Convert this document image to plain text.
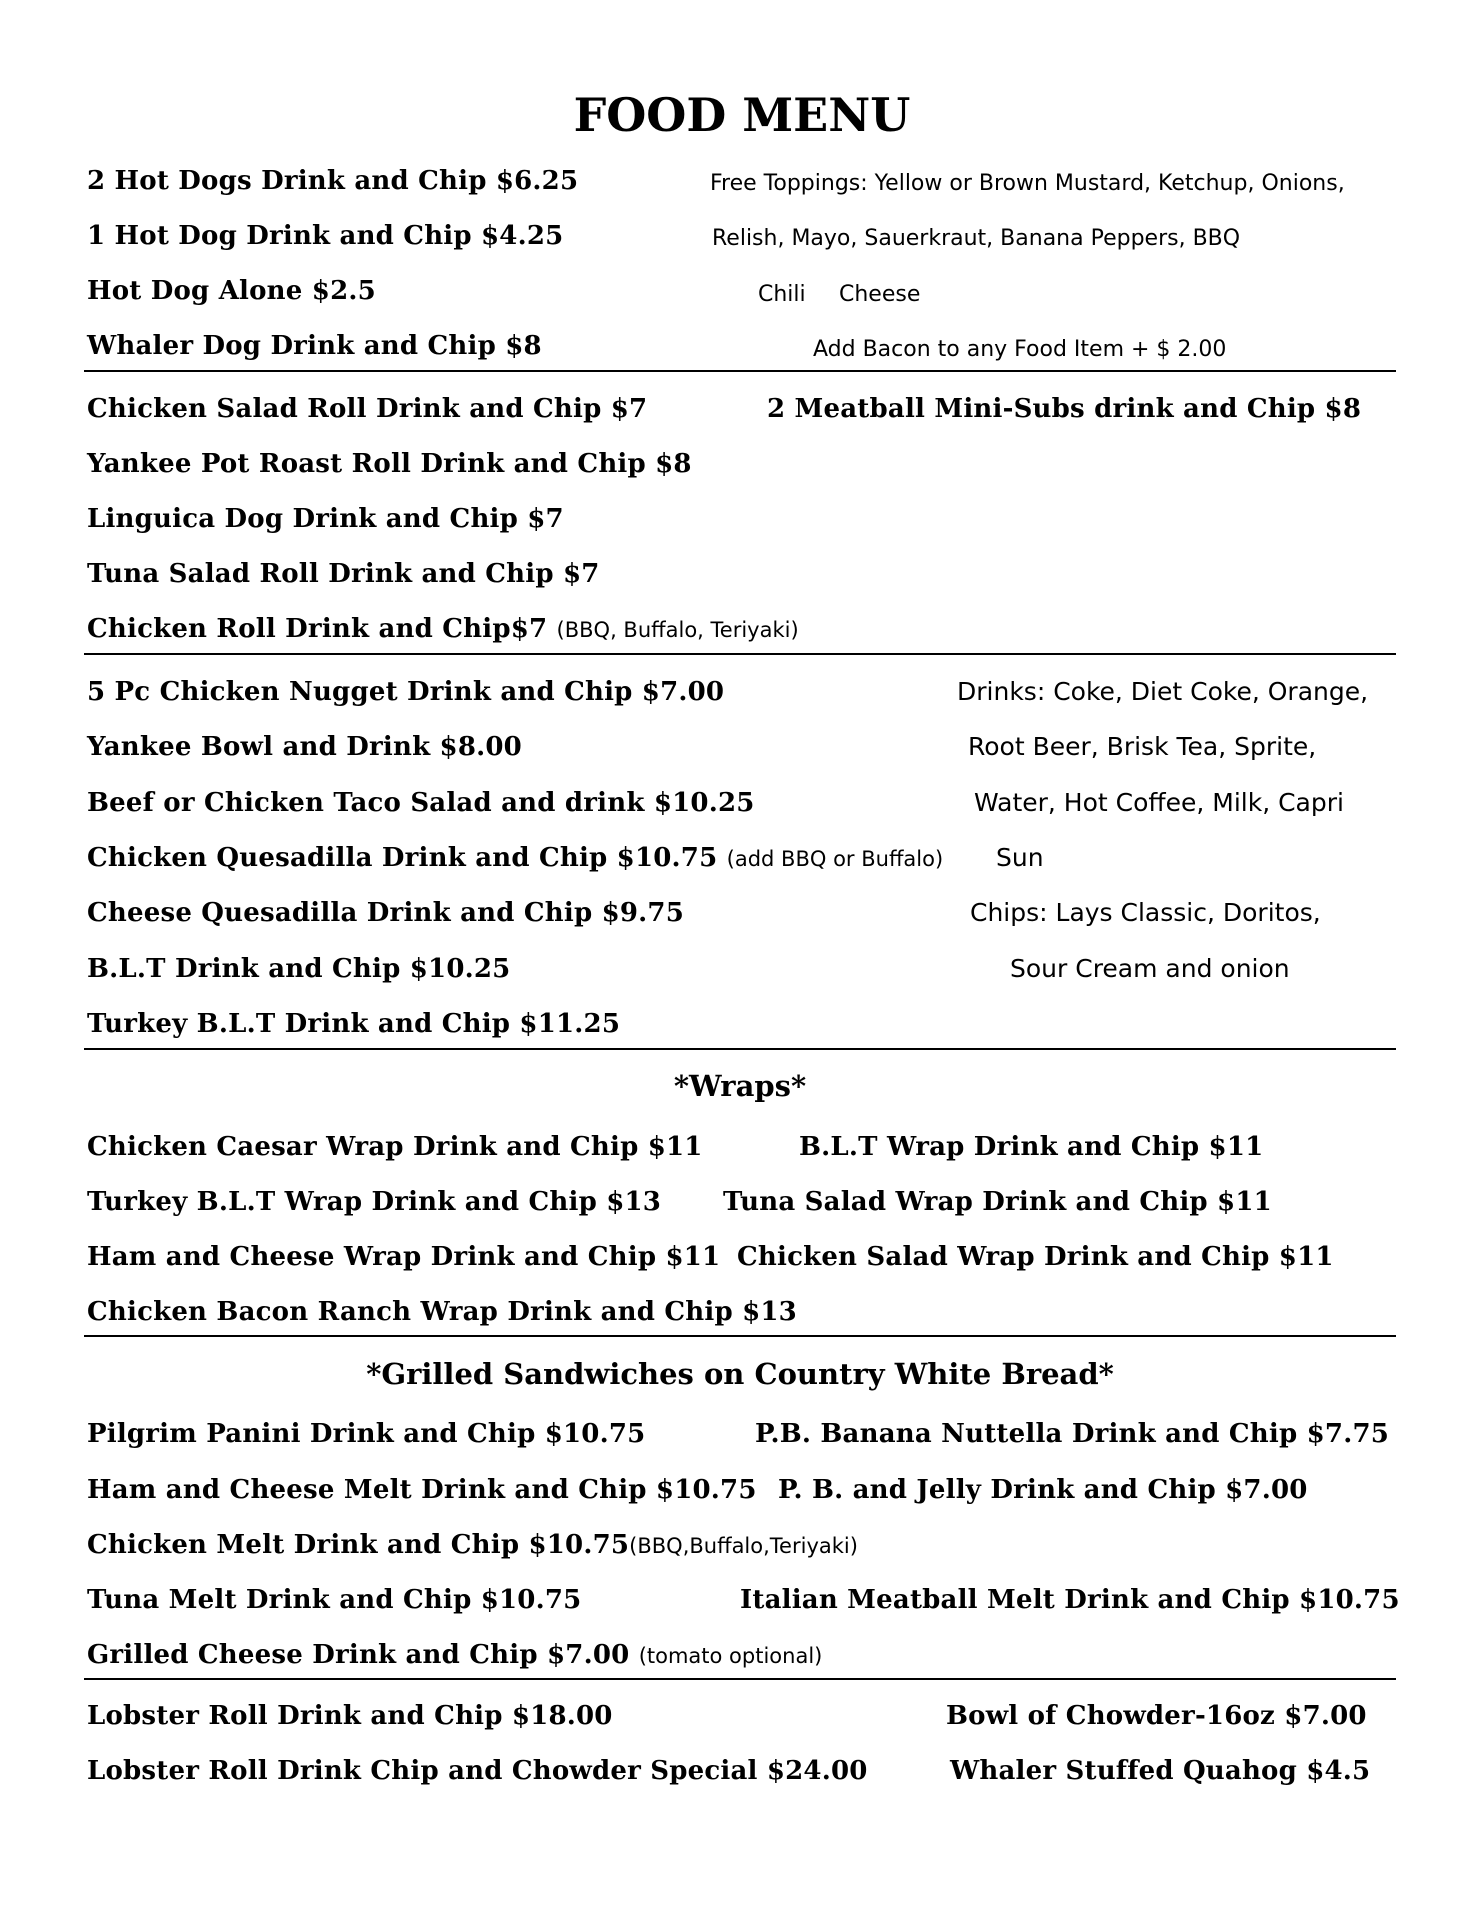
FOOD MENU
2 Hot Dogs Drink and Chip $6.25
1 Hot Dog Drink and Chip $4.25
Hot Dog Alone $2.5
Whaler Dog Drink and Chip $8
Free Toppings: Yellow or Brown Mustard, Ketchup, Onions,
Relish, Mayo, Sauerkraut, Banana Peppers, BBQ
Chili Cheese
Add Bacon to any Food Item + $ 2.00
Chicken Salad Roll Drink and Chip $7
Yankee Pot Roast Roll Drink and Chip $8
Linguica Dog Drink and Chip $7
Tuna Salad Roll Drink and Chip $7
Chicken Roll Drink and Chip$7 (BBQ, Buffalo, Teriyaki)
2 Meatball Mini-Subs drink and Chip $8
5 Pc Chicken Nugget Drink and Chip $7.00
Yankee Bowl and Drink $8.00
Beef or Chicken Taco Salad and drink $10.25
Chicken Quesadilla Drink and Chip $10.75 (add BBQ or Buffalo)
Cheese Quesadilla Drink and Chip $9.75
B.L.T Drink and Chip $10.25
Turkey B.L.T Drink and Chip $11.25
Drinks: Coke, Diet Coke, Orange,
Root Beer, Brisk Tea, Sprite,
Water, Hot Coffee, Milk, Capri
Sun
Chips: Lays Classic, Doritos,
Sour Cream and onion
*Wraps*
Chicken Caesar Wrap Drink and Chip $11
Turkey B.L.T Wrap Drink and Chip $13
Ham and Cheese Wrap Drink and Chip $11
Chicken Bacon Ranch Wrap Drink and Chip $13
B.L.T Wrap Drink and Chip $11
Tuna Salad Wrap Drink and Chip $11
Chicken Salad Wrap Drink and Chip $11
*Grilled Sandwiches on Country White Bread*
Pilgrim Panini Drink and Chip $10.75
Ham and Cheese Melt Drink and Chip $10.75
Chicken Melt Drink and Chip $10.75(BBQ,Buffalo,Teriyaki)
Tuna Melt Drink and Chip $10.75
Grilled Cheese Drink and Chip $7.00 (tomato optional)
P.B. Banana Nuttella Drink and Chip $7.75
P. B. and Jelly Drink and Chip $7.00
Italian Meatball Melt Drink and Chip $10.75
Lobster Roll Drink and Chip $18.00
Lobster Roll Drink Chip and Chowder Special $24.00
Bowl of Chowder-16oz $7.00
Whaler Stuffed Quahog $4.5
